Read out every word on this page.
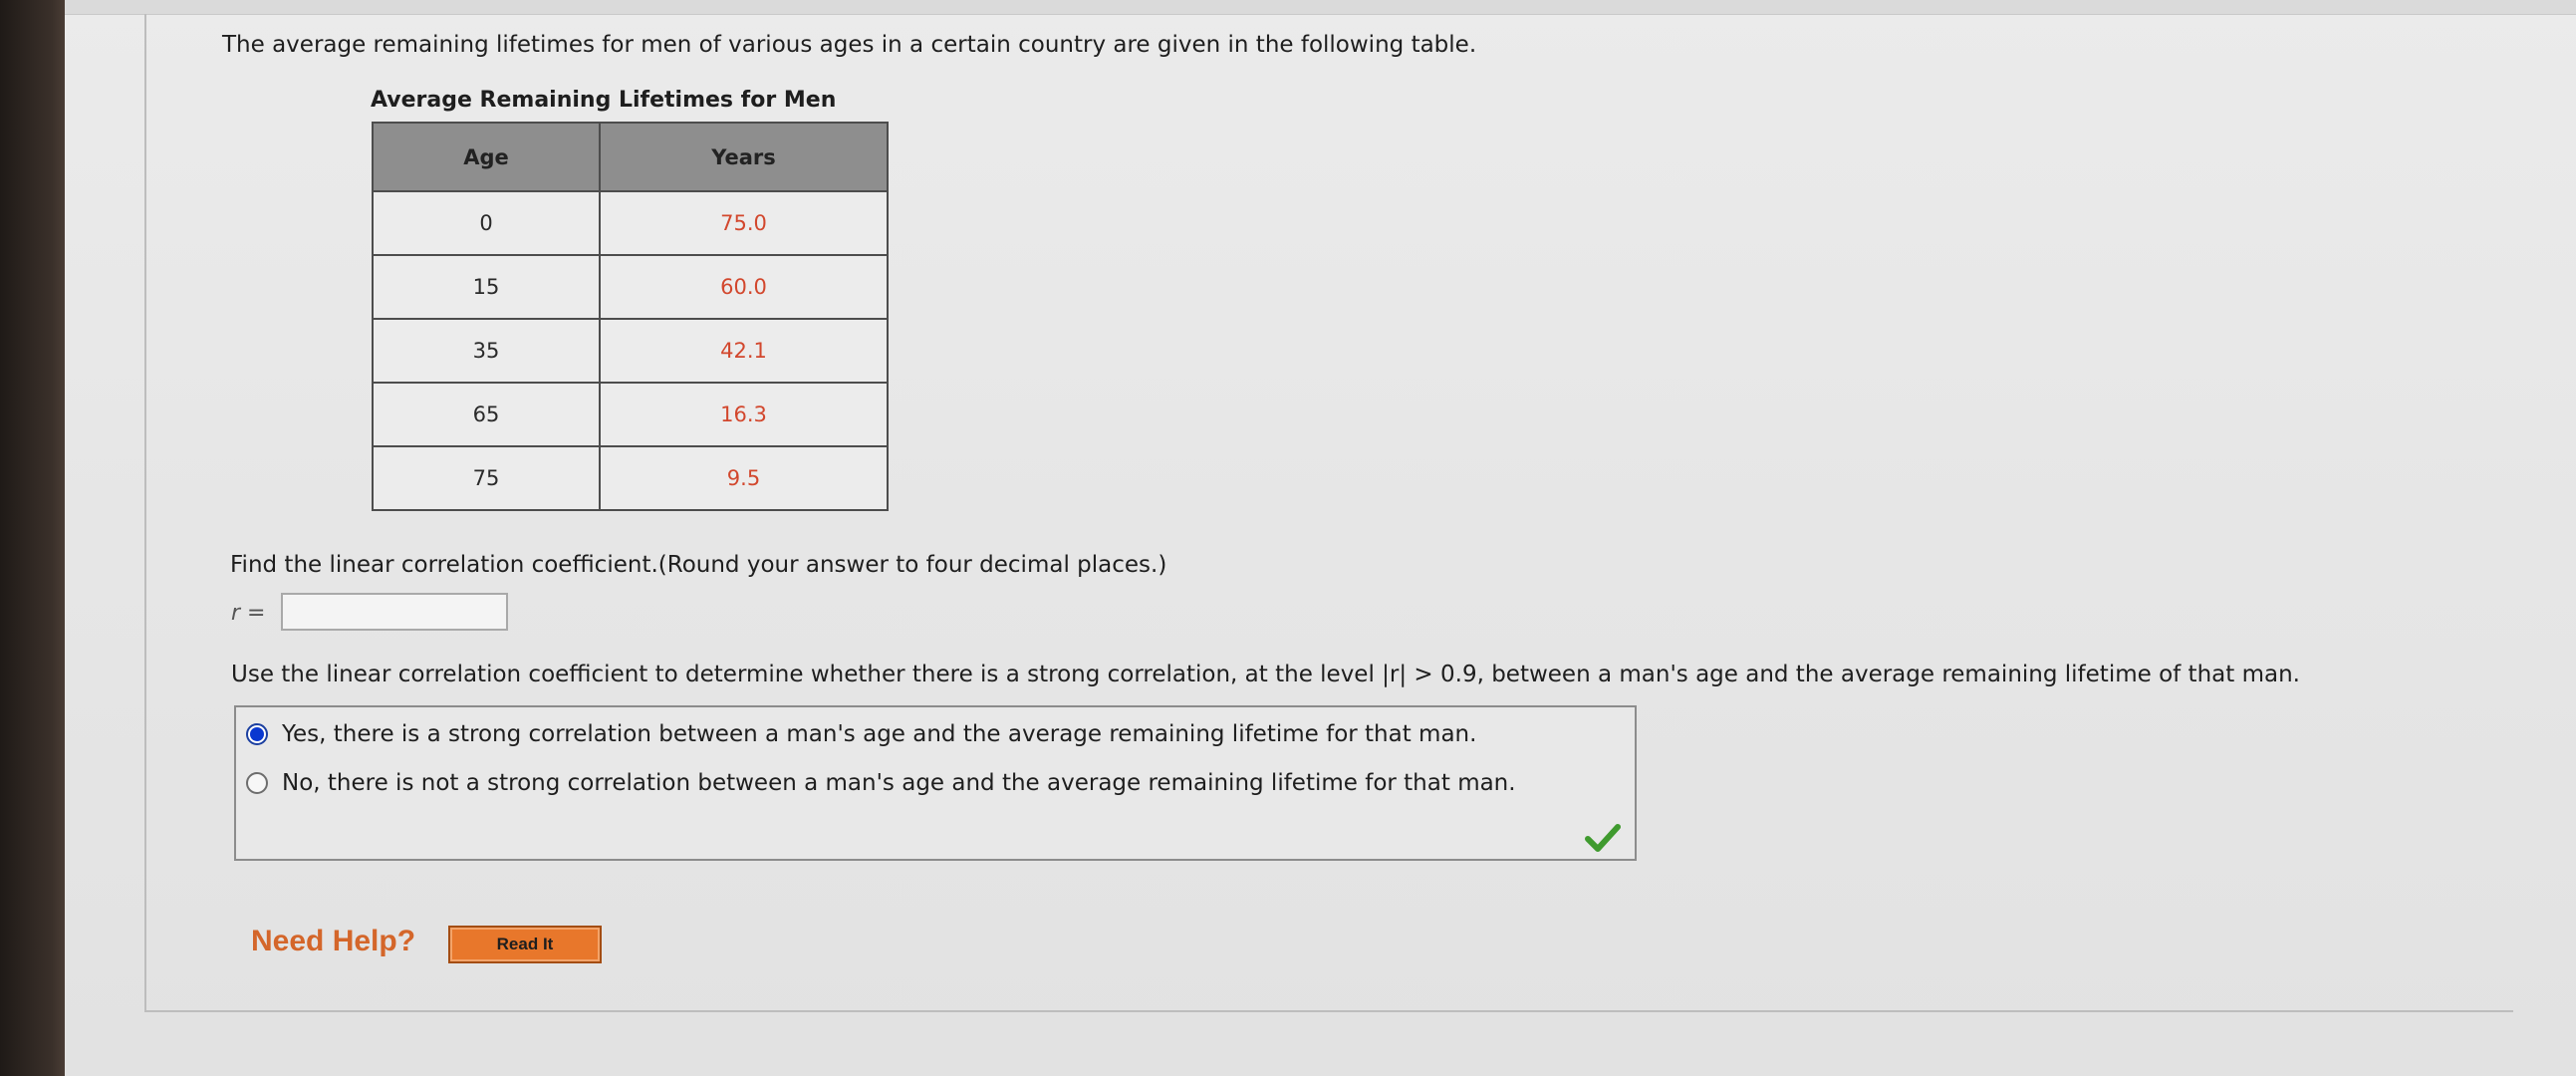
The average remaining lifetimes for men of various ages in a certain country are given in the following table.
Average Remaining Lifetimes for Men
Age	Years
0	75.0
15	60.0
35	42.1
65	16.3
75	9.5
Find the linear correlation coefficient.(Round your answer to four decimal places.)
r =
Use the linear correlation coefficient to determine whether there is a strong correlation, at the level |r| > 0.9, between a man's age and the average remaining lifetime of that man.
Yes, there is a strong correlation between a man's age and the average remaining lifetime for that man.
No, there is not a strong correlation between a man's age and the average remaining lifetime for that man.
Need Help?	Read It
